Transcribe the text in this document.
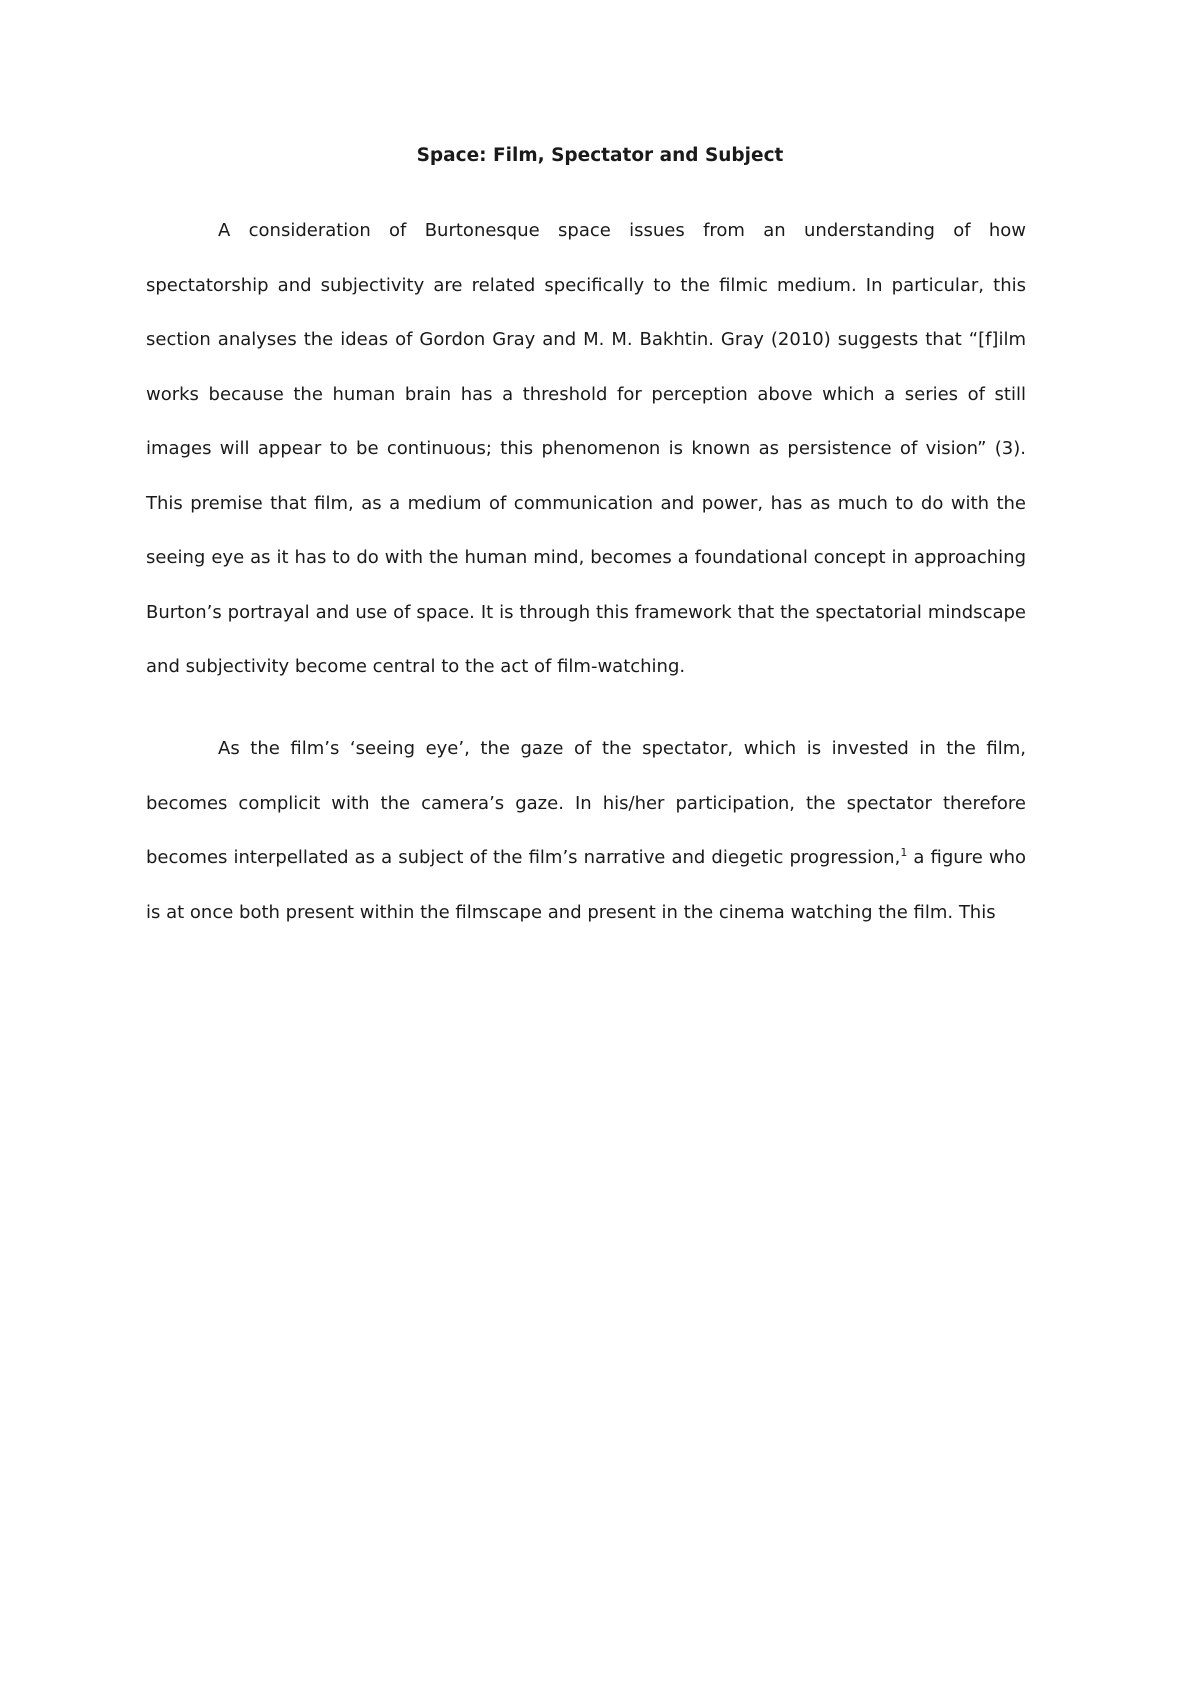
Space: Film, Spectator and Subject

A consideration of Burtonesque space issues from an understanding of how spectatorship and subjectivity are related specifically to the filmic medium. In particular, this section analyses the ideas of Gordon Gray and M. M. Bakhtin. Gray (2010) suggests that “[f]ilm works because the human brain has a threshold for perception above which a series of still images will appear to be continuous; this phenomenon is known as persistence of vision” (3). This premise that film, as a medium of communication and power, has as much to do with the seeing eye as it has to do with the human mind, becomes a foundational concept in approaching Burton’s portrayal and use of space. It is through this framework that the spectatorial mindscape and subjectivity become central to the act of film-watching.

As the film’s ‘seeing eye’, the gaze of the spectator, which is invested in the film, becomes complicit with the camera’s gaze. In his/her participation, the spectator therefore becomes interpellated as a subject of the film’s narrative and diegetic progression,$^1$ a figure who is at once both present within the filmscape and present in the cinema watching the film. This
